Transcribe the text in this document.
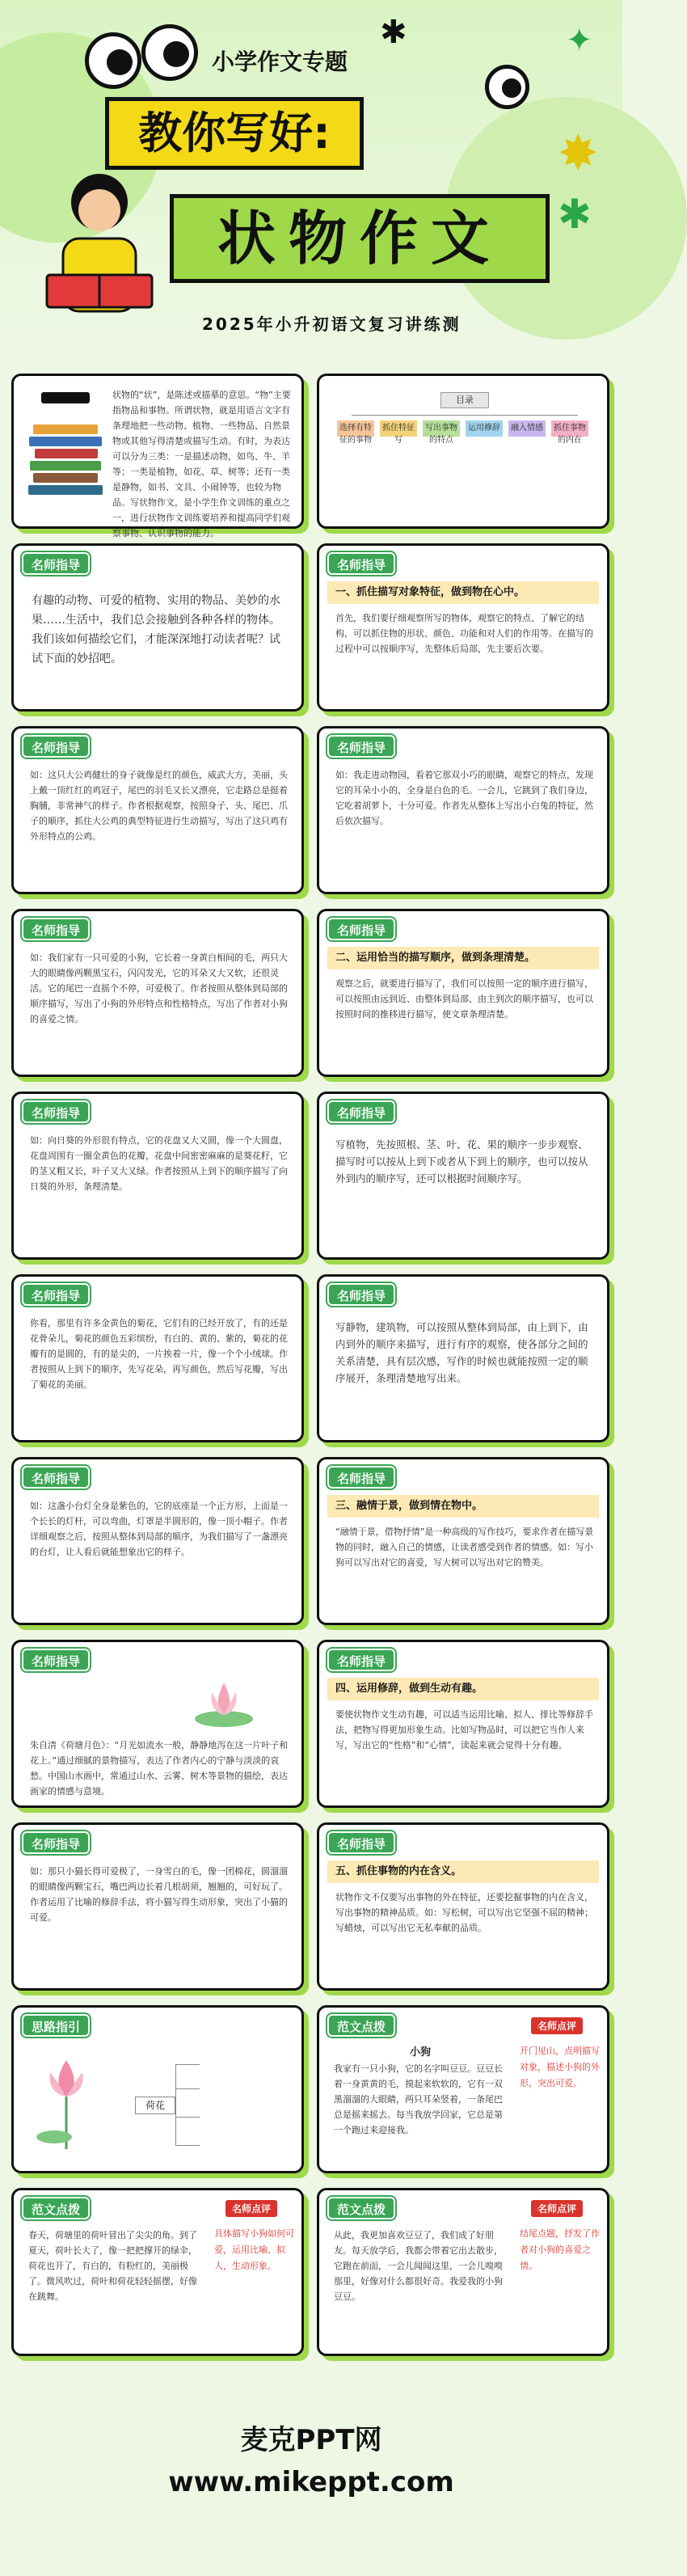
✱	✦
✸
✱
小学作文专题
教你写好:
状物作文
2025年小升初语文复习讲练测
状物的“状”，是陈述或描摹的意思。“物”主要指物品和事物。所谓状物，就是用语言文字有条理地把一些动物、植物、一些物品、自然景物或其他写得清楚或描写生动。有时，为表达可以分为三类：一是描述动物，如鸟、牛、羊等；一类是植物，如花、草、树等；还有一类是静物，如书、文具、小闹钟等，也较为物品。写状物作文，是小学生作文训练的重点之一，进行状物作文训练要培养和提高同学们观察事物、认识事物的能力。
目录
选择有特征的事物
抓住特征写
写出事物的特点
运用修辞	融入情感	抓住事物的内在
名师指导
有趣的动物、可爱的植物、实用的物品、美妙的水果……生活中，我们总会接触到各种各样的物体。我们该如何描绘它们，才能深深地打动读者呢？试试下面的妙招吧。
名师指导
一、抓住描写对象特征，做到物在心中。
首先，我们要仔细观察所写的物体，观察它的特点、了解它的结构，可以抓住物的形状、颜色、功能和对人们的作用等。在描写的过程中可以按顺序写，先整体后局部，先主要后次要。
名师指导
如：这只大公鸡健壮的身子就像是红的颜色，威武大方，美丽，头上戴一顶红红的鸡冠子，尾巴的羽毛又长又漂亮，它走路总是挺着胸脯，非常神气的样子。作者根据观察，按照身子、头、尾巴、爪子的顺序，抓住大公鸡的典型特征进行生动描写，写出了这只鸡有外形特点的公鸡。
名师指导
如：我走进动物园，看着它那双小巧的眼睛，观察它的特点，发现它的耳朵小小的，全身是白色的毛。一会儿，它跳到了我们身边，它吃着胡萝卜，十分可爱。作者先从整体上写出小白兔的特征，然后依次描写。
名师指导
如：我们家有一只可爱的小狗，它长着一身黄白相间的毛，两只大大的眼睛像两颗黑宝石，闪闪发光，它的耳朵又大又软，还很灵活。它的尾巴一直摇个不停，可爱极了。作者按照从整体到局部的顺序描写，写出了小狗的外形特点和性格特点，写出了作者对小狗的喜爱之情。
名师指导
二、运用恰当的描写顺序，做到条理清楚。
观察之后，就要进行描写了，我们可以按照一定的顺序进行描写，可以按照由远到近、由整体到局部、由主到次的顺序描写，也可以按照时间的推移进行描写，使文章条理清楚。
名师指导
如：向日葵的外形很有特点，它的花盘又大又圆，像一个大圆盘，花盘周围有一圈金黄色的花瓣，花盘中间密密麻麻的是葵花籽，它的茎又粗又长，叶子又大又绿。作者按照从上到下的顺序描写了向日葵的外形，条理清楚。
名师指导
写植物，先按照根、茎、叶、花、果的顺序一步步观察、描写时可以按从上到下或者从下到上的顺序，也可以按从外到内的顺序写，还可以根据时间顺序写。
名师指导
你看，那里有许多金黄色的菊花，它们有的已经开放了，有的还是花骨朵儿，菊花的颜色五彩缤纷，有白的、黄的、紫的，菊花的花瓣有的是圆的，有的是尖的，一片挨着一片，像一个个小绒球。作者按照从上到下的顺序，先写花朵，再写颜色，然后写花瓣，写出了菊花的美丽。
名师指导
写静物，建筑物，可以按照从整体到局部，由上到下，由内到外的顺序来描写，进行有序的观察，使各部分之间的关系清楚，具有层次感，写作的时候也就能按照一定的顺序展开，条理清楚地写出来。
名师指导
如：这盏小台灯全身是紫色的，它的底座是一个正方形，上面是一个长长的灯杆，可以弯曲，灯罩是半圆形的，像一顶小帽子。作者详细观察之后，按照从整体到局部的顺序，为我们描写了一盏漂亮的台灯，让人看后就能想象出它的样子。
名师指导
三、融情于景，做到情在物中。
“融情于景，借物抒情”是一种高级的写作技巧，要求作者在描写景物的同时，融入自己的情感，让读者感受到作者的情感。如：写小狗可以写出对它的喜爱，写大树可以写出对它的赞美。
名师指导
朱自清《荷塘月色》：“月光如流水一般，静静地泻在这一片叶子和花上。”通过细腻的景物描写，表达了作者内心的宁静与淡淡的哀愁。中国山水画中，常通过山水、云雾、树木等景物的描绘，表达画家的情感与意境。
名师指导
四、运用修辞，做到生动有趣。
要使状物作文生动有趣，可以适当运用比喻、拟人、排比等修辞手法，把物写得更加形象生动。比如写物品时，可以把它当作人来写，写出它的“性格”和“心情”，读起来就会觉得十分有趣。
名师指导
如：那只小猫长得可爱极了，一身雪白的毛，像一团棉花，圆溜溜的眼睛像两颗宝石，嘴巴两边长着几根胡须，翘翘的，可好玩了。作者运用了比喻的修辞手法，将小猫写得生动形象，突出了小猫的可爱。
名师指导
五、抓住事物的内在含义。
状物作文不仅要写出事物的外在特征，还要挖掘事物的内在含义，写出事物的精神品质。如：写松树，可以写出它坚强不屈的精神；写蜡烛，可以写出它无私奉献的品质。
思路指引
荷花
范文点拨
小狗
我家有一只小狗，它的名字叫豆豆。豆豆长着一身黄黄的毛，摸起来软软的，它有一双黑溜溜的大眼睛，两只耳朵竖着，一条尾巴总是摇来摇去。每当我放学回家，它总是第一个跑过来迎接我。
名师点评
开门见山，点明描写对象，描述小狗的外形，突出可爱。
范文点拨
春天，荷塘里的荷叶冒出了尖尖的角。到了夏天，荷叶长大了，像一把把撑开的绿伞，荷花也开了，有白的，有粉红的，美丽极了。微风吹过，荷叶和荷花轻轻摇摆，好像在跳舞。
名师点评
具体描写小狗如何可爱，运用比喻、拟人，生动形象。
范文点拨
从此，我更加喜欢豆豆了，我们成了好朋友。每天放学后，我都会带着它出去散步，它跑在前面，一会儿闻闻这里，一会儿嗅嗅那里，好像对什么都很好奇。我爱我的小狗豆豆。
名师点评
结尾点题，抒发了作者对小狗的喜爱之情。
麦克PPT网
www.mikeppt.com
